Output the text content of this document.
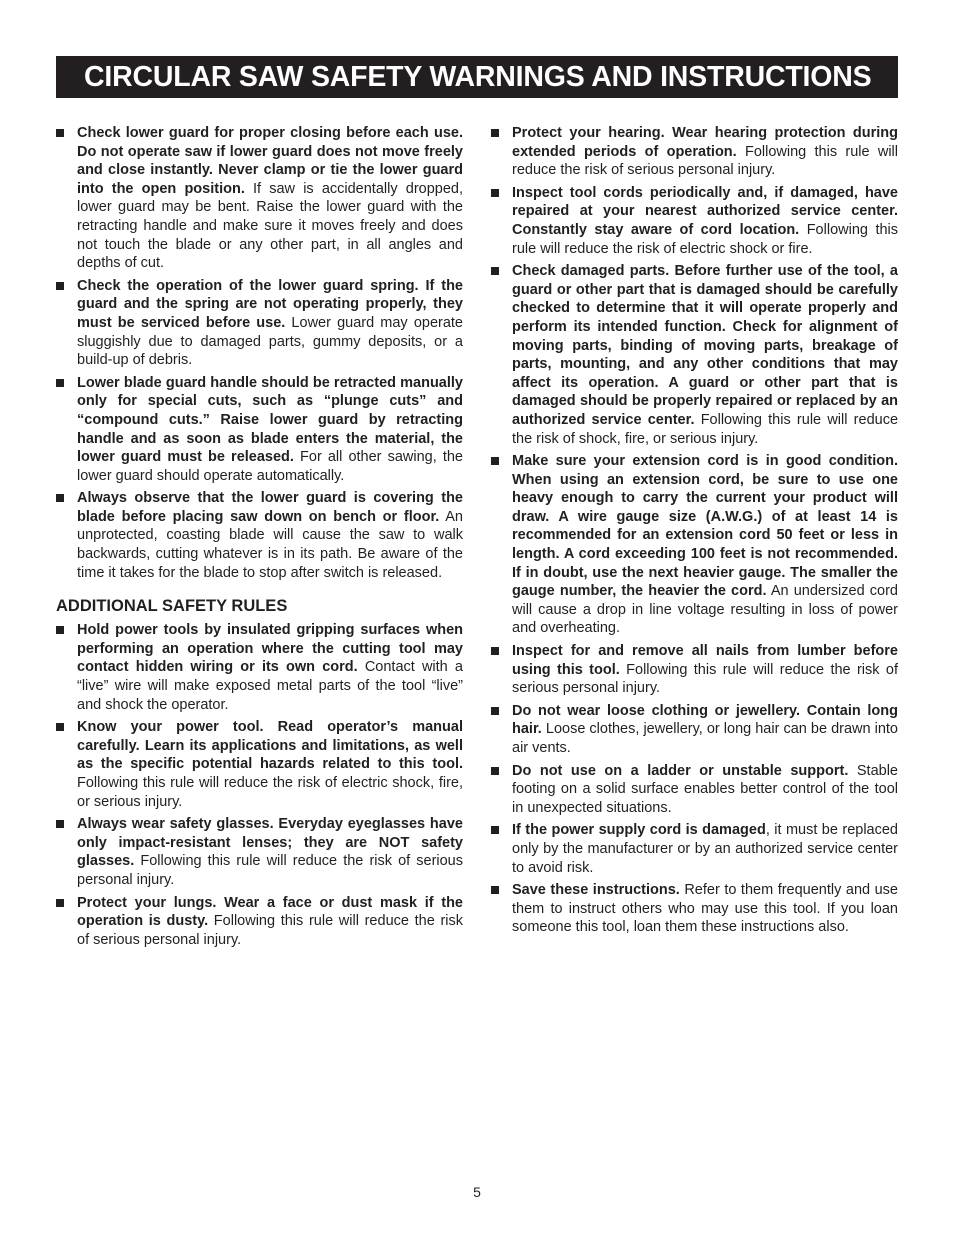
CIRCULAR SAW SAFETY WARNINGS AND INSTRUCTIONS
Check lower guard for proper closing before each use. Do not operate saw if lower guard does not move freely and close instantly. Never clamp or tie the lower guard into the open position. If saw is accidentally dropped, lower guard may be bent. Raise the lower guard with the retracting handle and make sure it moves freely and does not touch the blade or any other part, in all angles and depths of cut.
Check the operation of the lower guard spring. If the guard and the spring are not operating properly, they must be serviced before use. Lower guard may operate sluggishly due to damaged parts, gummy deposits, or a build-up of debris.
Lower blade guard handle should be retracted manually only for special cuts, such as “plunge cuts” and “compound cuts.” Raise lower guard by retracting handle and as soon as blade enters the material, the lower guard must be released. For all other sawing, the lower guard should operate automatically.
Always observe that the lower guard is covering the blade before placing saw down on bench or floor. An unprotected, coasting blade will cause the saw to walk backwards, cutting whatever is in its path. Be aware of the time it takes for the blade to stop after switch is released.
ADDITIONAL SAFETY RULES
Hold power tools by insulated gripping surfaces when performing an operation where the cutting tool may contact hidden wiring or its own cord. Contact with a “live” wire will make exposed metal parts of the tool “live” and shock the operator.
Know your power tool. Read operator’s manual carefully. Learn its applications and limitations, as well as the specific potential hazards related to this tool. Following this rule will reduce the risk of electric shock, fire, or serious injury.
Always wear safety glasses. Everyday eyeglasses have only impact-resistant lenses; they are NOT safety glasses. Following this rule will reduce the risk of serious personal injury.
Protect your lungs. Wear a face or dust mask if the operation is dusty. Following this rule will reduce the risk of serious personal injury.
Protect your hearing. Wear hearing protection during extended periods of operation. Following this rule will reduce the risk of serious personal injury.
Inspect tool cords periodically and, if damaged, have repaired at your nearest authorized service center. Constantly stay aware of cord location. Following this rule will reduce the risk of electric shock or fire.
Check damaged parts. Before further use of the tool, a guard or other part that is damaged should be carefully checked to determine that it will operate properly and perform its intended function. Check for alignment of moving parts, binding of moving parts, breakage of parts, mounting, and any other conditions that may affect its operation. A guard or other part that is damaged should be properly repaired or replaced by an authorized service center. Following this rule will reduce the risk of shock, fire, or serious injury.
Make sure your extension cord is in good condition. When using an extension cord, be sure to use one heavy enough to carry the current your product will draw. A wire gauge size (A.W.G.) of at least 14 is recommended for an extension cord 50 feet or less in length. A cord exceeding 100 feet is not recommended. If in doubt, use the next heavier gauge. The smaller the gauge number, the heavier the cord. An undersized cord will cause a drop in line voltage resulting in loss of power and overheating.
Inspect for and remove all nails from lumber before using this tool. Following this rule will reduce the risk of serious personal injury.
Do not wear loose clothing or jewellery. Contain long hair. Loose clothes, jewellery, or long hair can be drawn into air vents.
Do not use on a ladder or unstable support. Stable footing on a solid surface enables better control of the tool in unexpected situations.
If the power supply cord is damaged, it must be replaced only by the manufacturer or by an authorized service center to avoid risk.
Save these instructions. Refer to them frequently and use them to instruct others who may use this tool. If you loan someone this tool, loan them these instructions also.
5
